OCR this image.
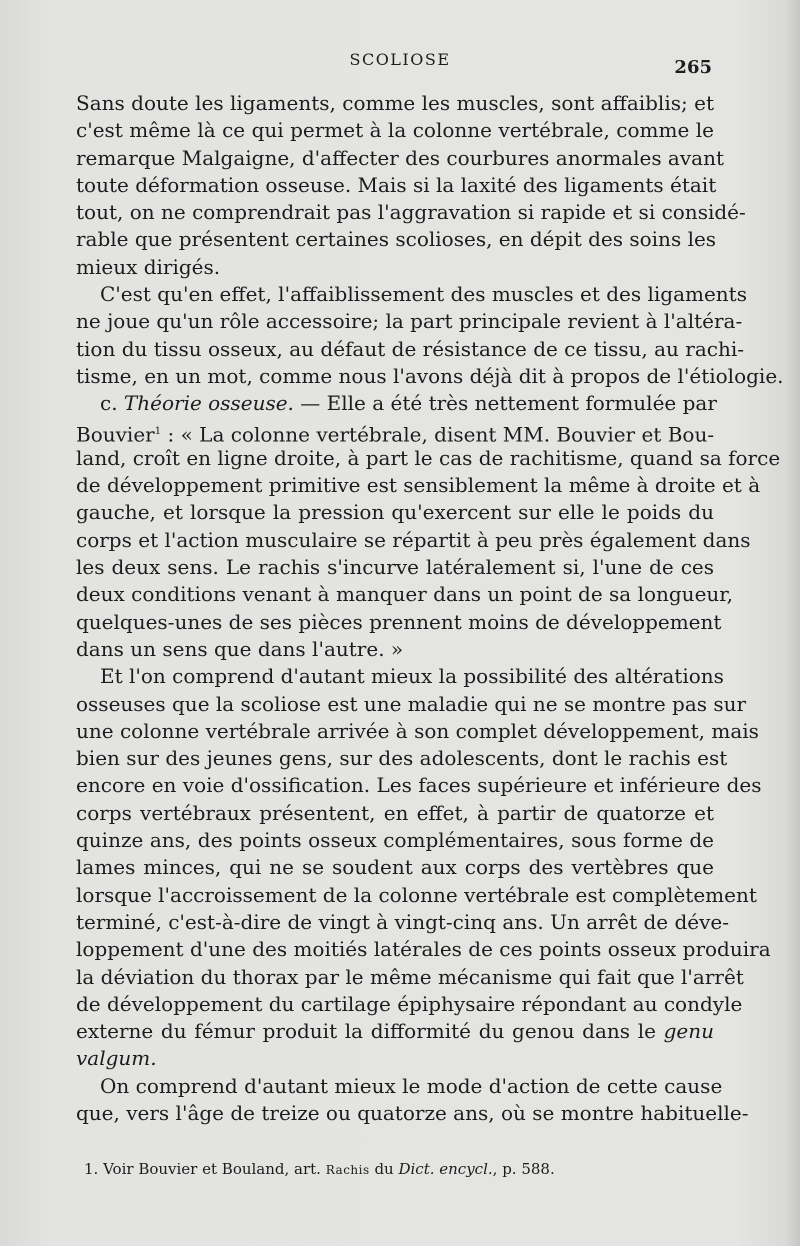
SCOLIOSE	265
Sans doute les ligaments, comme les muscles, sont affaiblis; et
c'est même là ce qui permet à la colonne vertébrale, comme le
remarque Malgaigne, d'affecter des courbures anormales avant
toute déformation osseuse. Mais si la laxité des ligaments était
tout, on ne comprendrait pas l'aggravation si rapide et si considé-
rable que présentent certaines scolioses, en dépit des soins les
mieux dirigés.
C'est qu'en effet, l'affaiblissement des muscles et des ligaments
ne joue qu'un rôle accessoire; la part principale revient à l'altéra-
tion du tissu osseux, au défaut de résistance de ce tissu, au rachi-
tisme, en un mot, comme nous l'avons déjà dit à propos de l'étiologie.
c. Théorie osseuse. — Elle a été très nettement formulée par
Bouvier$^1$ : « La colonne vertébrale, disent MM. Bouvier et Bou-
land, croît en ligne droite, à part le cas de rachitisme, quand sa force
de développement primitive est sensiblement la même à droite et à
gauche, et lorsque la pression qu'exercent sur elle le poids du
corps et l'action musculaire se répartit à peu près également dans
les deux sens. Le rachis s'incurve latéralement si, l'une de ces
deux conditions venant à manquer dans un point de sa longueur,
quelques-unes de ses pièces prennent moins de développement
dans un sens que dans l'autre. »
Et l'on comprend d'autant mieux la possibilité des altérations
osseuses que la scoliose est une maladie qui ne se montre pas sur
une colonne vertébrale arrivée à son complet développement, mais
bien sur des jeunes gens, sur des adolescents, dont le rachis est
encore en voie d'ossification. Les faces supérieure et inférieure des
corps vertébraux présentent, en effet, à partir de quatorze et
quinze ans, des points osseux complémentaires, sous forme de
lames minces, qui ne se soudent aux corps des vertèbres que
lorsque l'accroissement de la colonne vertébrale est complètement
terminé, c'est-à-dire de vingt à vingt-cinq ans. Un arrêt de déve-
loppement d'une des moitiés latérales de ces points osseux produira
la déviation du thorax par le même mécanisme qui fait que l'arrêt
de développement du cartilage épiphysaire répondant au condyle
externe du fémur produit la difformité du genou dans le genu
valgum.
On comprend d'autant mieux le mode d'action de cette cause
que, vers l'âge de treize ou quatorze ans, où se montre habituelle-
1. Voir Bouvier et Bouland, art. Rachis du Dict. encycl., p. 588.
